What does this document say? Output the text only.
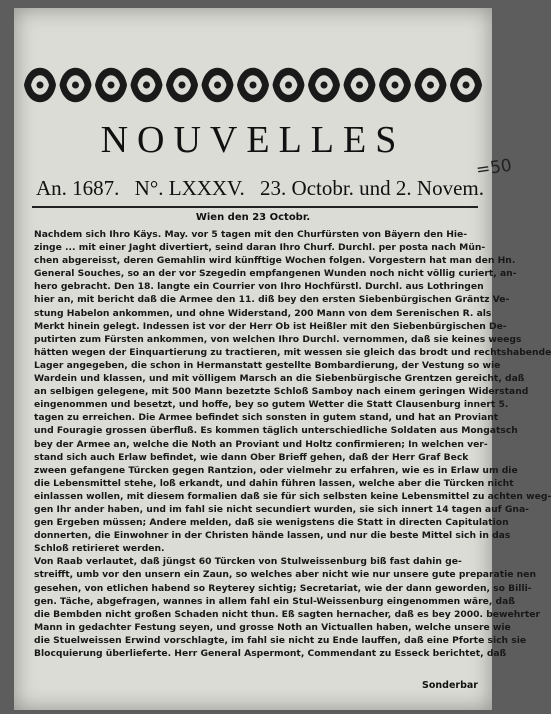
NOUVELLES
An. 1687. N°. LXXXV. 23. Octobr. und 2. Novem.
=50
Wien den 23 Octobr.
Nachdem sich Ihro Käys. May. vor 5 tagen mit den Churfürsten von Bäyern den Hie-
zinge ... mit einer Jaght divertiert, seind daran Ihro Churf. Durchl. per posta nach Mün-
chen abgereisst, deren Gemahlin wird künfftige Wochen folgen. Vorgestern hat man den Hn.
General Souches, so an der vor Szegedin empfangenen Wunden noch nicht völlig curiert, an-
hero gebracht. Den 18. langte ein Courrier von Ihro Hochfürstl. Durchl. aus Lothringen
hier an, mit bericht daß die Armee den 11. diß bey den ersten Siebenbürgischen Gräntz Ve-
stung Habelon ankommen, und ohne Widerstand, 200 Mann von dem Serenischen R. als
Merkt hinein gelegt. Indessen ist vor der Herr Ob ist Heißler mit den Siebenbürgischen De-
putirten zum Fürsten ankommen, von welchen Ihro Durchl. vernommen, daß sie keines weegs
hätten wegen der Einquartierung zu tractieren, mit wessen sie gleich das brodt und rechtshabende
Lager angegeben, die schon in Hermanstatt gestellte Bombardierung, der Vestung so wie
Wardein und klassen, und mit völligem Marsch an die Siebenbürgische Grentzen gereicht, daß
an selbigen gelegene, mit 500 Mann bezetzte Schloß Samboy nach einem geringen Widerstand
eingenommen und besetzt, und hoffe, bey so gutem Wetter die Statt Clausenburg innert 5.
tagen zu erreichen. Die Armee befindet sich sonsten in gutem stand, und hat an Proviant
und Fouragie grossen überfluß. Es kommen täglich unterschiedliche Soldaten aus Mongatsch
bey der Armee an, welche die Noth an Proviant und Holtz confirmieren; In welchen ver-
stand sich auch Erlaw befindet, wie dann Ober Brieff gehen, daß der Herr Graf Beck
zween gefangene Türcken gegen Rantzion, oder vielmehr zu erfahren, wie es in Erlaw um die
die Lebensmittel stehe, loß erkandt, und dahin führen lassen, welche aber die Türcken nicht
einlassen wollen, mit diesem formalien daß sie für sich selbsten keine Lebensmittel zu achten weg-
gen Ihr ander haben, und im fahl sie nicht secundiert wurden, sie sich innert 14 tagen auf Gna-
gen Ergeben müssen; Andere melden, daß sie wenigstens die Statt in directen Capitulation
donnerten, die Einwohner in der Christen hände lassen, und nur die beste Mittel sich in das
Schloß retirieret werden.
Von Raab verlautet, daß jüngst 60 Türcken von Stulweissenburg biß fast dahin ge-
streifft, umb vor den unsern ein Zaun, so welches aber nicht wie nur unsere gute preparatie nen
gesehen, von etlichen habend so Reyterey sichtig; Secretariat, wie der dann geworden, so Billi-
gen. Täche, abgefragen, wannes in allem fahl ein Stul-Weissenburg eingenommen wäre, daß
die Bembden nicht großen Schaden nicht thun. Eß sagten hernacher, daß es bey 2000. bewehrter
Mann in gedachter Festung seyen, und grosse Noth an Victuallen haben, welche unsere wie
die Stuelweissen Erwind vorschlagte, im fahl sie nicht zu Ende lauffen, daß eine Pforte sich sie
Blocquierung überlieferte. Herr General Aspermont, Commendant zu Esseck berichtet, daß
Sonderbar
